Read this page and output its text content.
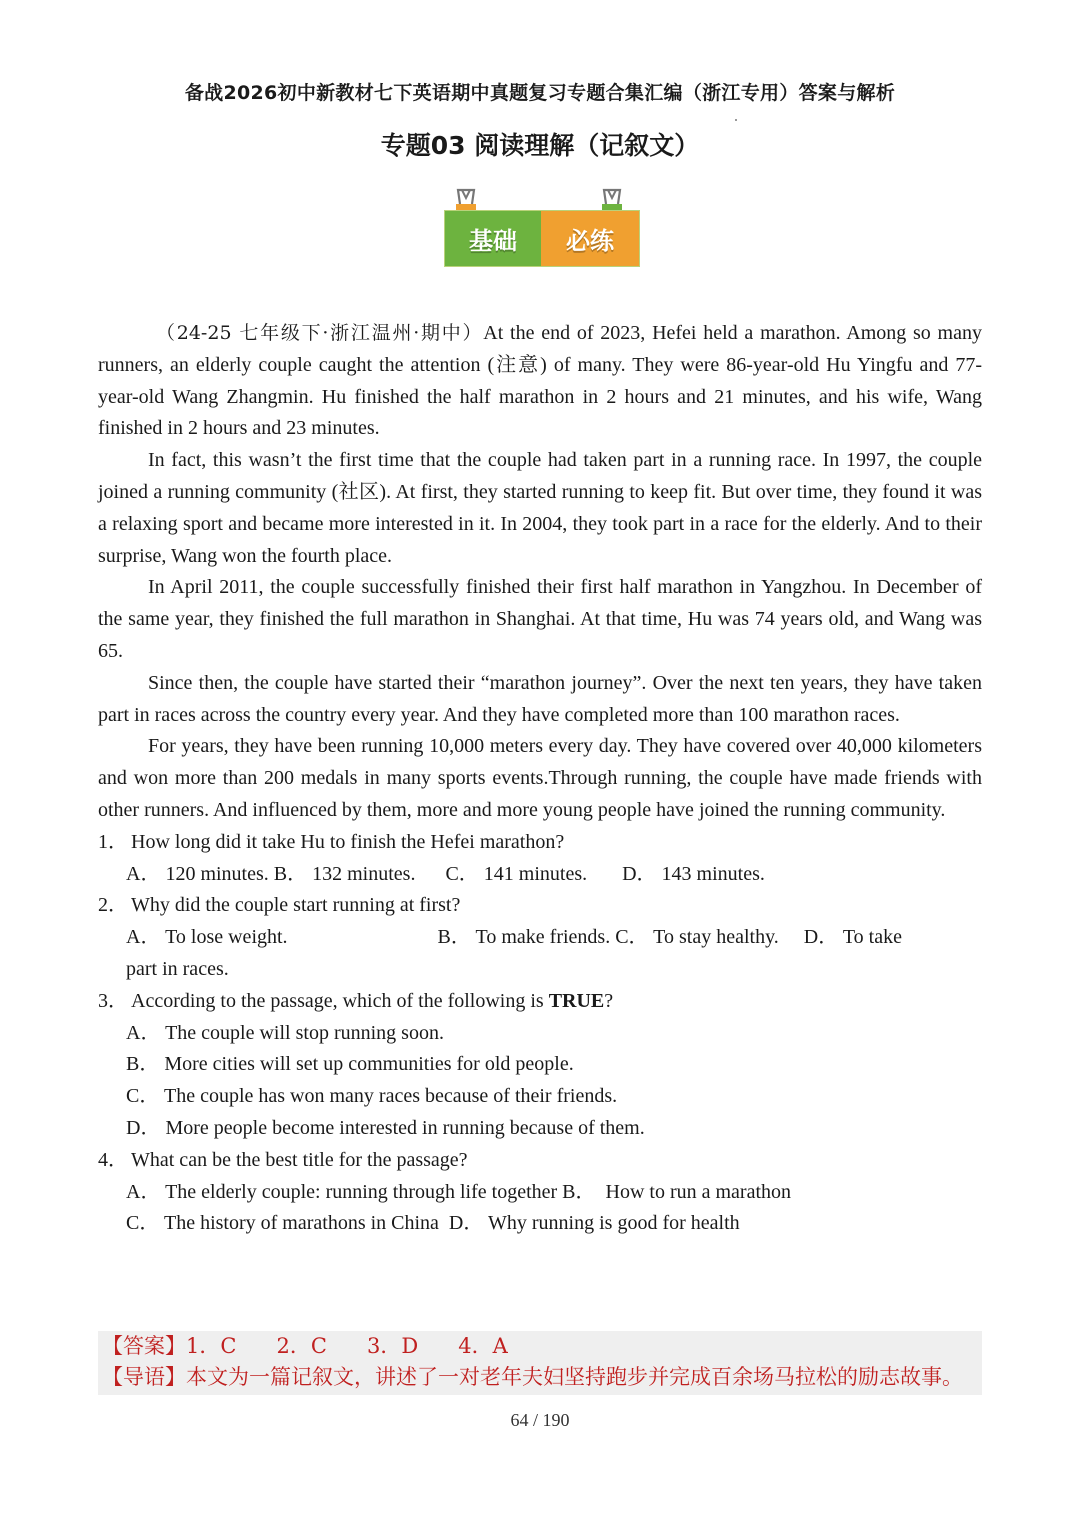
备战2026初中新教材七下英语期中真题复习专题合集汇编（浙江专用）答案与解析
专题03 阅读理解（记叙文）
基础	必练

（24-25 七年级下·浙江温州·期中）At the end of 2023, Hefei held a marathon. Among so many runners, an elderly couple caught the attention (注意) of many. They were 86-year-old Hu Yingfu and 77-year-old Wang Zhangmin. Hu finished the half marathon in 2 hours and 21 minutes, and his wife, Wang finished in 2 hours and 23 minutes.

In fact, this wasn’t the first time that the couple had taken part in a running race. In 1997, the couple joined a running community (社区). At first, they started running to keep fit. But over time, they found it was a relaxing sport and became more interested in it. In 2004, they took part in a race for the elderly. And to their surprise, Wang won the fourth place.

In April 2011, the couple successfully finished their first half marathon in Yangzhou. In December of the same year, they finished the full marathon in Shanghai. At that time, Hu was 74 years old, and Wang was 65.

Since then, the couple have started their “marathon journey”. Over the next ten years, they have taken part in races across the country every year. And they have completed more than 100 marathon races.

For years, they have been running 10,000 meters every day. They have covered over 40,000 kilometers and won more than 200 medals in many sports events.Through running, the couple have made friends with other runners. And influenced by them, more and more young people have joined the running community.

1． How long did it take Hu to finish the Hefei marathon?

A． 120 minutes. B． 132 minutes.      C． 141 minutes.       D． 143 minutes.

2． Why did the couple start running at first?

A． To lose weight.                              B． To make friends. C． To stay healthy.     D． To take

part in races.

3． According to the passage, which of the following is TRUE?

A． The couple will stop running soon.

B． More cities will set up communities for old people.

C． The couple has won many races because of their friends.

D． More people become interested in running because of them.

4． What can be the best title for the passage?

A． The elderly couple: running through life together B．  How to run a marathon

C． The history of marathons in China  D． Why running is good for health

【答案】1．C      2．C      3．D      4．A
【导语】本文为一篇记叙文，讲述了一对老年夫妇坚持跑步并完成百余场马拉松的励志故事。
64 / 190
